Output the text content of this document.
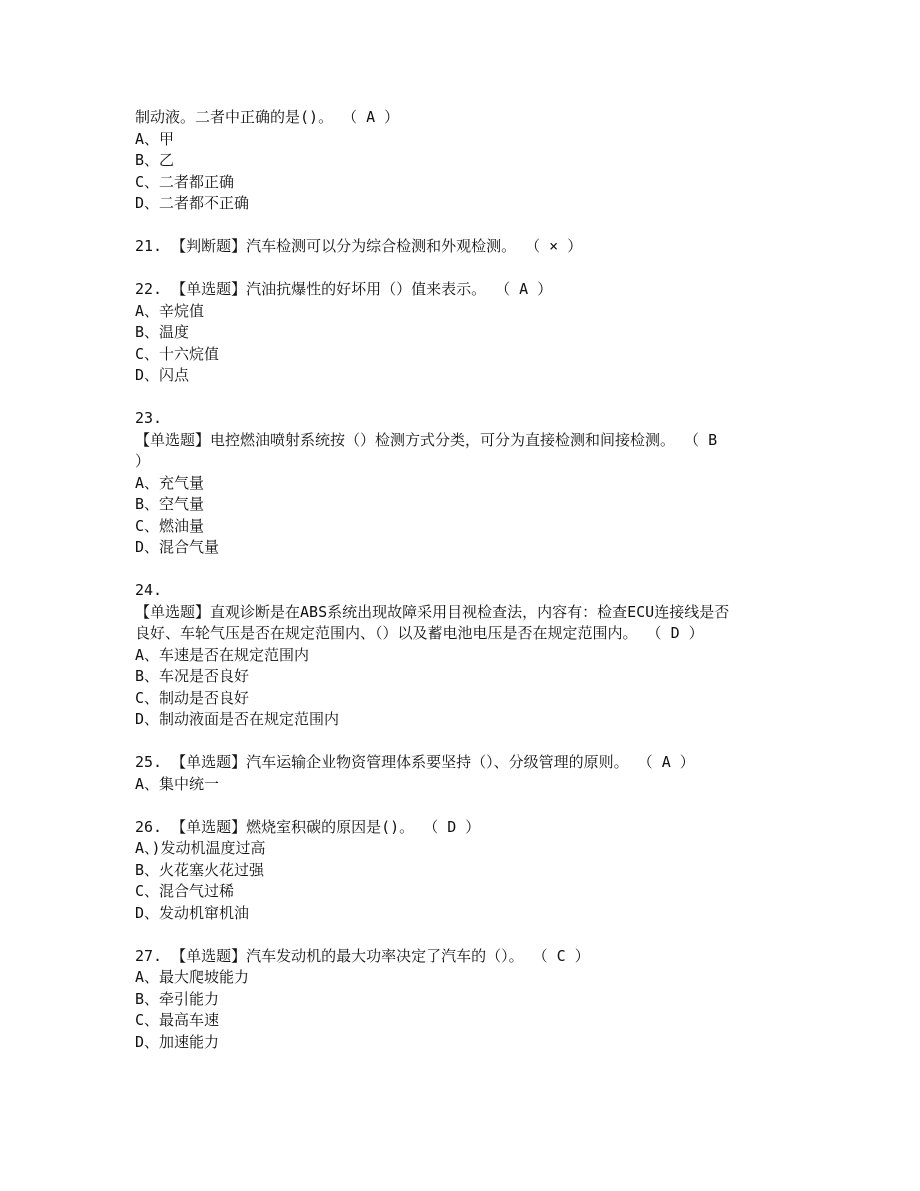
制动液。二者中正确的是()。 （ A ）
A、甲
B、乙
C、二者都正确
D、二者都不正确
21. 【判断题】汽车检测可以分为综合检测和外观检测。 （ × ）
22. 【单选题】汽油抗爆性的好坏用（）值来表示。 （ A ）
A、辛烷值
B、温度
C、十六烷值
D、闪点
23.
【单选题】电控燃油喷射系统按（）检测方式分类，可分为直接检测和间接检测。 （ B
）
A、充气量
B、空气量
C、燃油量
D、混合气量
24.
【单选题】直观诊断是在ABS系统出现故障采用目视检查法，内容有：检查ECU连接线是否
良好、车轮气压是否在规定范围内、（）以及蓄电池电压是否在规定范围内。 （ D ）
A、车速是否在规定范围内
B、车况是否良好
C、制动是否良好
D、制动液面是否在规定范围内
25. 【单选题】汽车运输企业物资管理体系要坚持（）、分级管理的原则。 （ A ）
A、集中统一
26. 【单选题】燃烧室积碳的原因是()。 （ D ）
A、)发动机温度过高
B、火花塞火花过强
C、混合气过稀
D、发动机窜机油
27. 【单选题】汽车发动机的最大功率决定了汽车的（）。 （ C ）
A、最大爬坡能力
B、牵引能力
C、最高车速
D、加速能力
